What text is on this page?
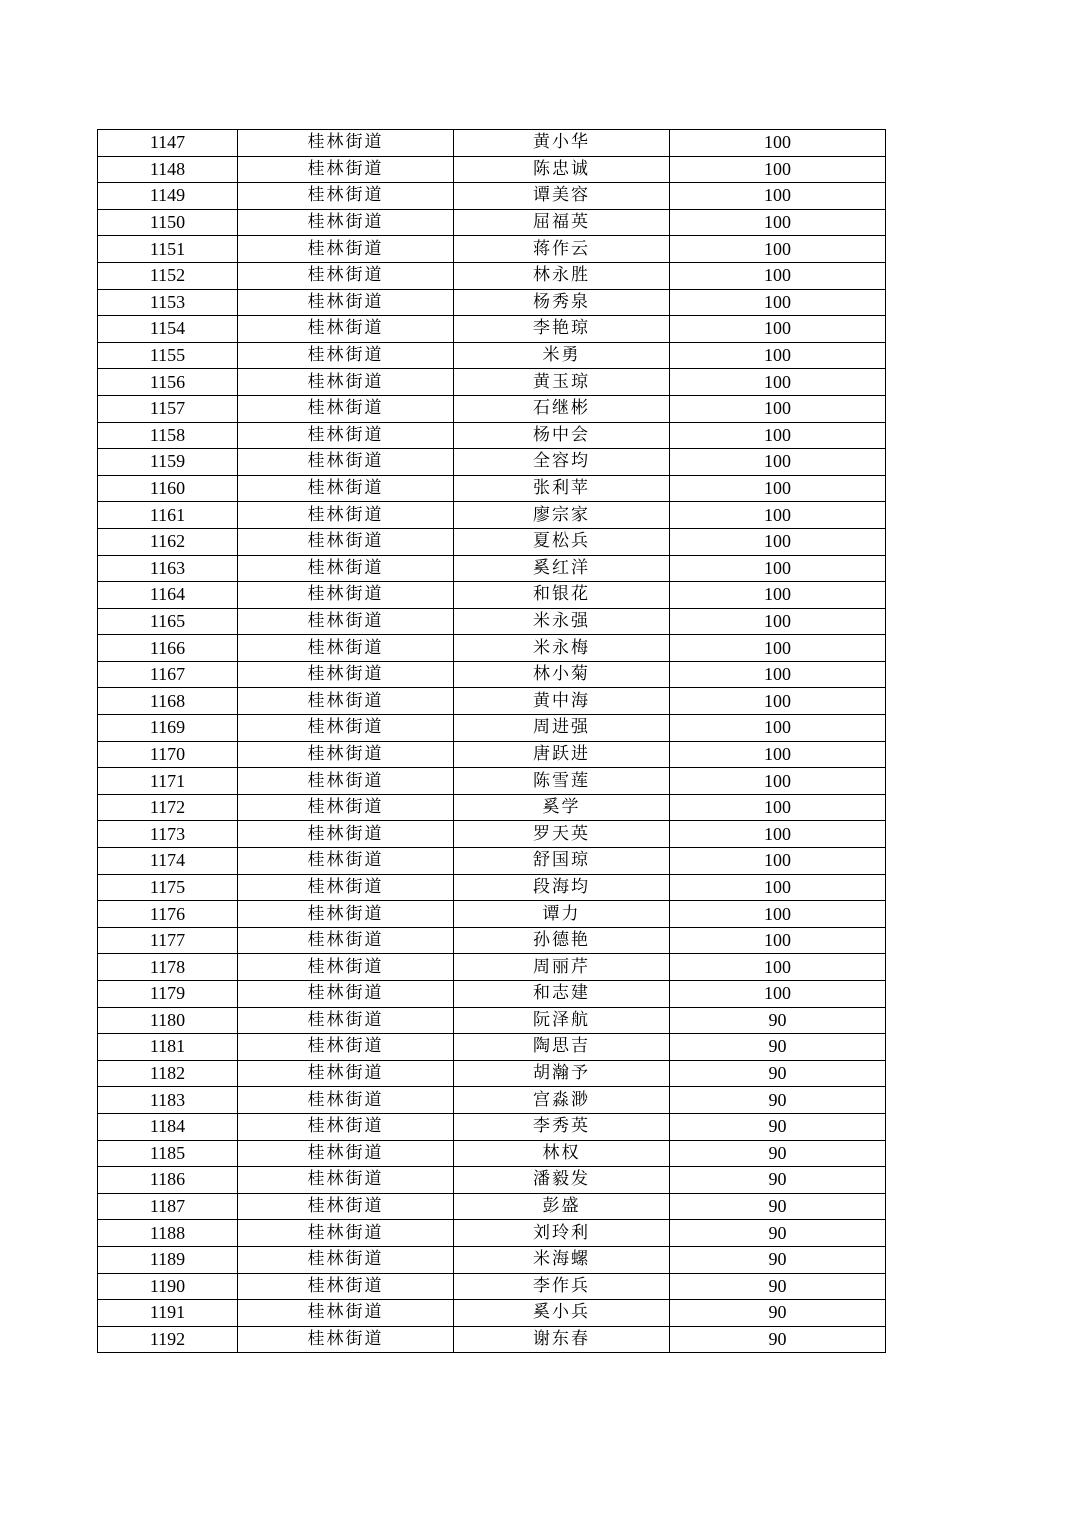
1147	桂林街道	黄小华	100
1148	桂林街道	陈忠诚	100
1149	桂林街道	谭美容	100
1150	桂林街道	屈福英	100
1151	桂林街道	蒋作云	100
1152	桂林街道	林永胜	100
1153	桂林街道	杨秀泉	100
1154	桂林街道	李艳琼	100
1155	桂林街道	米勇	100
1156	桂林街道	黄玉琼	100
1157	桂林街道	石继彬	100
1158	桂林街道	杨中会	100
1159	桂林街道	全容均	100
1160	桂林街道	张利苹	100
1161	桂林街道	廖宗家	100
1162	桂林街道	夏松兵	100
1163	桂林街道	奚红洋	100
1164	桂林街道	和银花	100
1165	桂林街道	米永强	100
1166	桂林街道	米永梅	100
1167	桂林街道	林小菊	100
1168	桂林街道	黄中海	100
1169	桂林街道	周进强	100
1170	桂林街道	唐跃进	100
1171	桂林街道	陈雪莲	100
1172	桂林街道	奚学	100
1173	桂林街道	罗天英	100
1174	桂林街道	舒国琼	100
1175	桂林街道	段海均	100
1176	桂林街道	谭力	100
1177	桂林街道	孙德艳	100
1178	桂林街道	周丽芹	100
1179	桂林街道	和志建	100
1180	桂林街道	阮泽航	90
1181	桂林街道	陶思吉	90
1182	桂林街道	胡瀚予	90
1183	桂林街道	宫淼渺	90
1184	桂林街道	李秀英	90
1185	桂林街道	林权	90
1186	桂林街道	潘毅发	90
1187	桂林街道	彭盛	90
1188	桂林街道	刘玲利	90
1189	桂林街道	米海螺	90
1190	桂林街道	李作兵	90
1191	桂林街道	奚小兵	90
1192	桂林街道	谢东春	90
